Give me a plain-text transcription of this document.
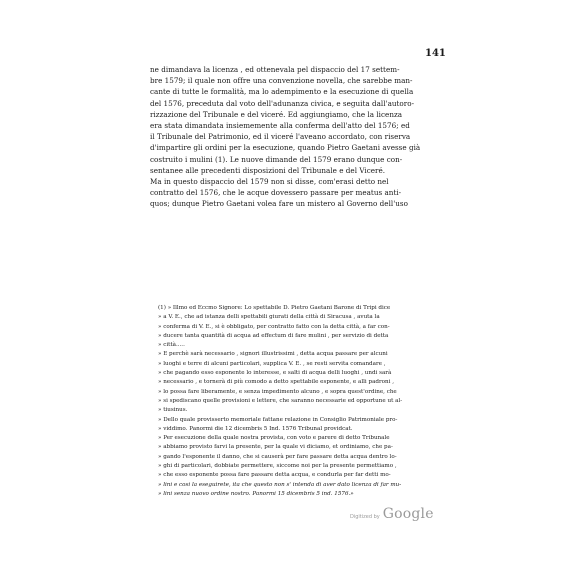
141
ne dimandava la licenza , ed ottenevala pel dispaccio del 17 settem-
bre 1579; il quale non offre una convenzione novella, che sarebbe man-
cante di tutte le formalità, ma lo adempimento e la esecuzione di quella
del 1576, preceduta dal voto dell'adunanza civica, e seguita dall'autoro-
rizzazione del Tribunale e del viceré. Ed aggiungiamo, che la licenza
era stata dimandata insiememente alla conferma dell'atto del 1576; ed
il Tribunale del Patrimonio, ed il viceré l'aveano accordato, con riserva
d'impartire gli ordini per la esecuzione, quando Pietro Gaetani avesse già
costruito i mulini (1). Le nuove dimande del 1579 erano dunque con-
sentanee alle precedenti disposizioni del Tribunale e del Viceré.
Ma in questo dispaccio del 1579 non si disse, com'erasi detto nel
contratto del 1576, che le acque dovessero passare per meatus anti-
quos; dunque Pietro Gaetani volea fare un mistero al Governo dell'uso
(1) » Illmo ed Eccmo Signore: Lo spettabile D. Pietro Gaetani Barone di Tripi dice
» a V. E., che ad istanza delli spettabili giurati della città di Siracusa , avuta la
» conferma di V. E., si è obbligato, per contratto fatto con la detta città, a far con-
» ducere tanta quantità di acqua ad effectum di fare mulini , per servizio di detta
» città.....
» E perchè sarà necessario , signori illustrissimi , detta acqua passare per alcuni
» luoghi e terre di alcuni particolari, supplica V. E. , se resti servita comandare ,
» che pagando esso esponente lo interesse, e salti di acqua delli luoghi , undi sarà
» necessario , e tornerà di più comodo a detto spettabile esponente, e alli padroni ,
» lo possa fare liberamente, e senza impedimento alcuno , e sopra quest'ordine, che
» si spediscano quelle provisioni e lettere, che saranno necessarie ed opportune ut al-
» tiusinus.
» Dello quale provisserto memoriale fattane relazione in Consiglio Patrimoniale pro-
» viddimo. Panormi die 12 dicembris 5 Ind. 1576 Tribunal providcat.
» Per esecuzione della quale nostra provista, con voto e parere di detto Tribunale
» abbiamo provisto farvi la presente, per la quale vi diciamo, et ordiniamo, che pa-
» gando l'esponente il danno, che si causerà per fare passare detta acqua dentro lo-
» ghi di particolari, dobbiate permettere, siccome noi per la presente permettiamo ,
» che esso esponente possa fare passare detta acqua, e condurla per far detti mo-
» lini e cosi la eseguirete, ita che questo non s' intenda di aver dato licenza di far mu-
» lini senza nuovo ordine nostro. Panormi 15 dicembris 5 ind. 1576.»
Digitized by Google
